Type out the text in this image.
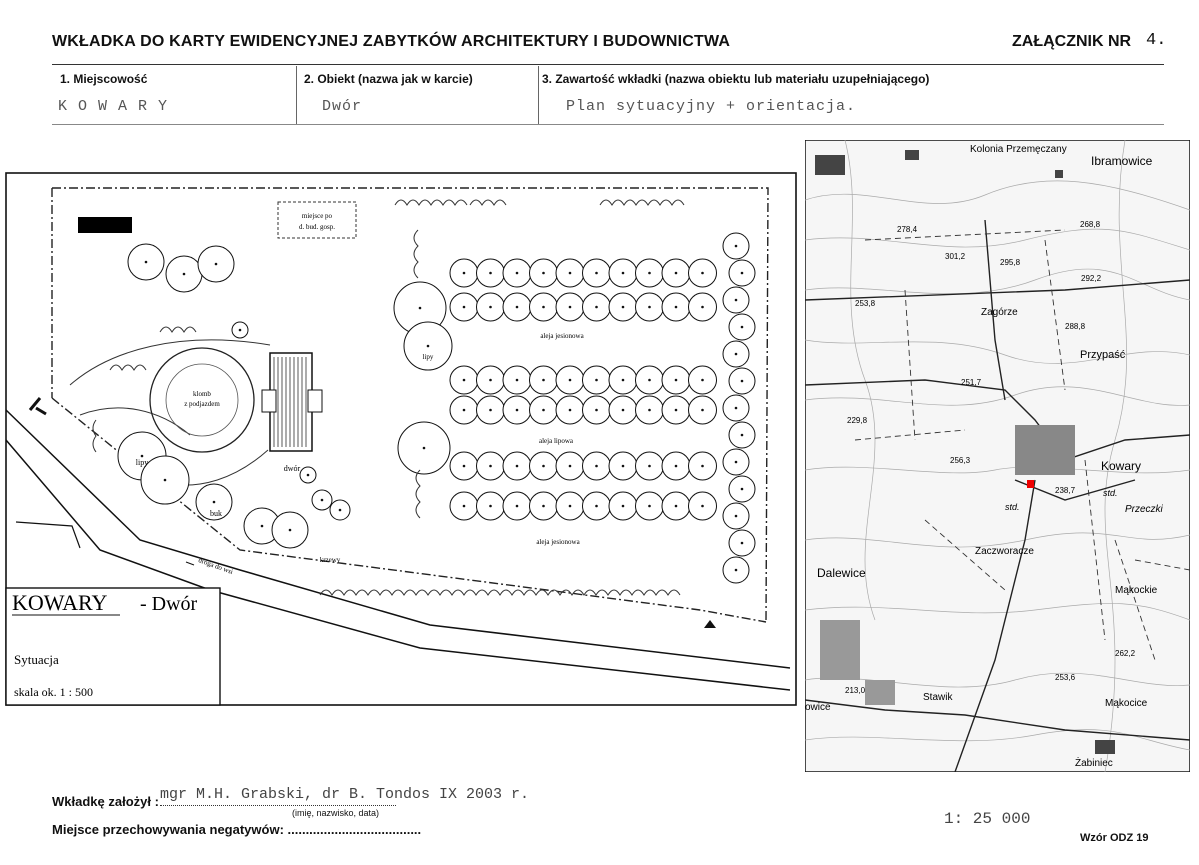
WKŁADKA DO KARTY EWIDENCYJNEJ ZABYTKÓW ARCHITEKTURY I BUDOWNICTWA	ZAŁĄCZNIK NR 4.
1. Miejscowość
K O W A R Y
2. Obiekt (nazwa jak w karcie)
Dwór
3. Zawartość wkładki (nazwa obiektu lub materiału uzupełniającego)
Plan sytuacyjny + orientacja.
klomb
z podjazdem
dwór
miejsce po
d. bud. gosp.
aleja jesionowa
aleja lipowa
aleja jesionowa
lipy
lipy
buk
krzewy
droga do wsi
KOWARY - Dwór
Sytuacja
skala ok. 1 : 500
Kolonia Przemęczany
Ibramowice
Zagórze
Przypaść
Kowary
Przeczki
Zaczworacze
Dalewice
Mąkockie
Stawik
Mąkocice
owice
Żabiniec
278,4
268,8
301,2
295,8
292,2
253,8
288,8
251,7
229,8
256,3
238,7
262,2
253,6
213,0
std.
std.
Wkładkę założył : mgr M.H. Grabski, dr B. Tondos IX 2003 r.
(imię, nazwisko, data)
Miejsce przechowywania negatywów: .....................................
1: 25 000
Wzór ODZ 19
